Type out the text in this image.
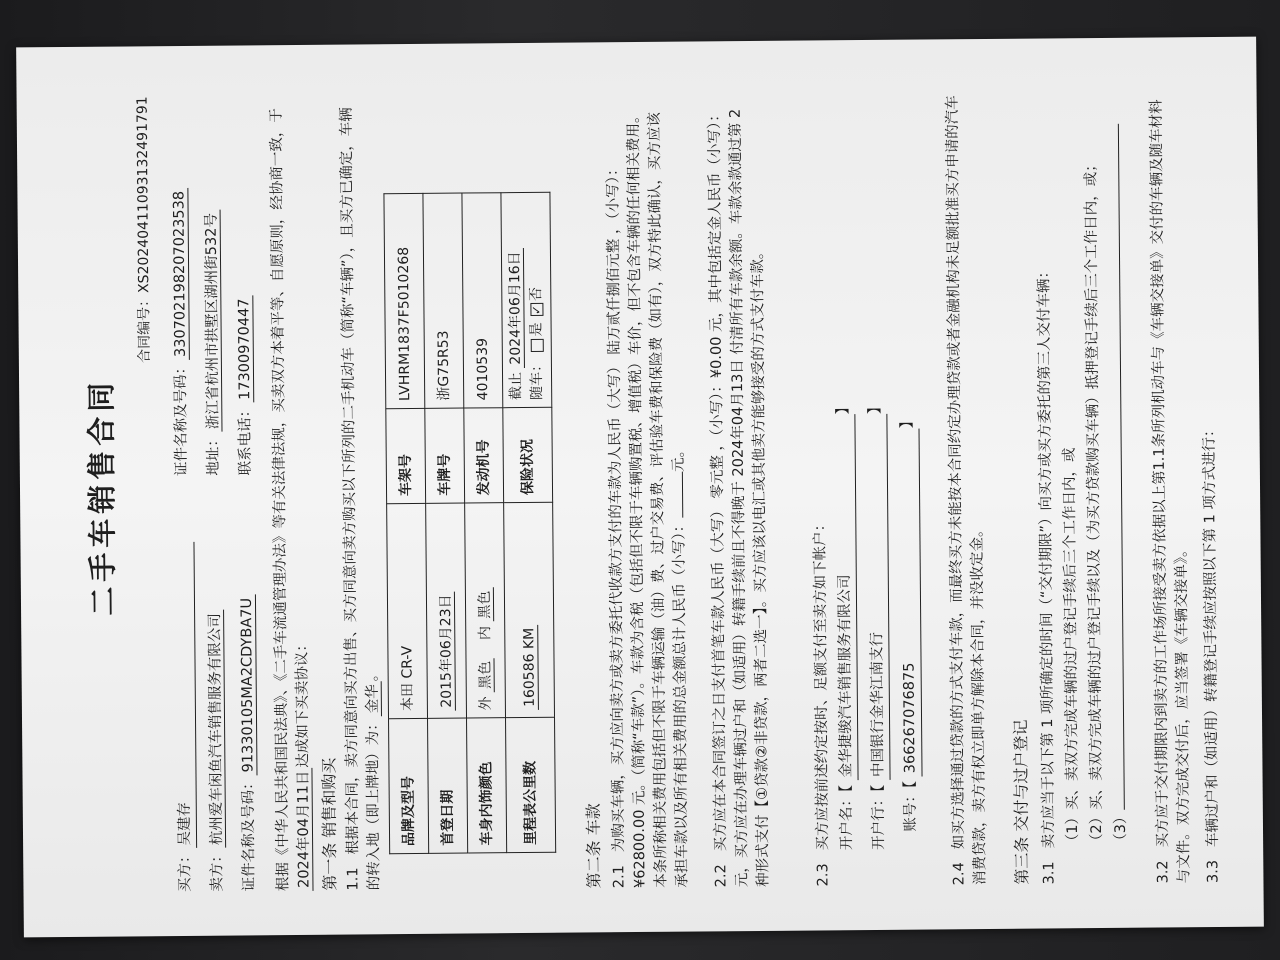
二手车销售合同
合同编号：XS20240411093132491791
买方：吴建存
证件名称及号码：330702198207023538
卖方：杭州爱车闲鱼汽车销售服务有限公司
地址：浙江省杭州市拱墅区湖州街532号
证件名称及号码：91330105MA2CDYBA7U
联系电话：17300970447 根据《中华人民共和国民法典》、《二手车流通管理办法》等有关法律法规，买卖双方本着平等、自愿原则，经协商一致，于 2024年04月11日达成如下买卖协议：
第一条 销售和购买 1.1根据本合同，卖方同意向买方出售、买方同意向卖方购买以下所列的二手机动车（简称“车辆”），且买方已确定，车辆的转入地（即上牌地）为：金华。
品牌及型号	本田 CR-V	车架号	LVHRM1837F5010268
首登日期	2015年06月23日	车牌号	浙G75R53
车身内饰颜色	外 黑色    内 黑色	发动机号	4010539
里程表公里数	160586 KM	保险状况	截止 2024年06月16日
随车： 是 ✓否
第二条 车款 2.1为购买车辆，买方应向卖方或卖方委托代收款方支付的车款为人民币（大写） 陆万贰仟捌佰元整 ，（小写）：¥62800.00 元。（简称“车款”）。车款为含税（包括但不限于车辆购置税、增值税）车价，但不包含车辆的任何相关费用。本条所称相关费用包括但不限于车辆运输（油）费、过户交易费、评估验车费和保险费（如有），双方特此确认，买方应该承担车款以及所有相关费用的总金额总计人民币（小写）：元。
2.2买方应在本合同签订之日支付首笔车款人民币（大写） 零元整 ，（小写）：¥0.00 元，其中包括定金人民币（小写）： 元，买方应在办理车辆过户和（如适用）转籍手续前且不得晚于 2024年04月13日 付清所有车款余额。车款余款通过第 2 种形式支付【①贷款②非贷款，两者二选一】。买方应该以电汇或其他卖方能够接受的方式支付车款。	2.3买方应按前述约定按时、足额支付至卖方如下帐户： 开户名：【 金华捷骏汽车销售服务有限公司】
开户行：【 中国银行金华江南支行】
账号：【 366267076875】
2.4如买方选择通过贷款的方式支付车款，而最终买方未能按本合同约定办理贷款或者金融机构未足额批准买方申请的汽车消费贷款，卖方有权立即单方解除本合同，并没收定金。 第三条 交付与过户登记 3.1卖方应当于以下第 1 项所确定的时间（“交付期限”）向买方或买方委托的第三人交付车辆： （1）买、卖双方完成车辆的过户登记手续后三个工作日内，或 （2）买、卖双方完成车辆的过户登记手续以及（为买方贷款购买车辆）抵押登记手续后三个工作日内，或； （3）
3.2买方应于交付期限内到卖方的工作场所接受卖方依据以上第1.1条所列机动车与《车辆交接单》交付的车辆及随车材料与文件。双方完成交付后，应当签署《车辆交接单》。 3.3车辆过户和（如适用）转籍登记手续应按照以下第 1 项方式进行：
